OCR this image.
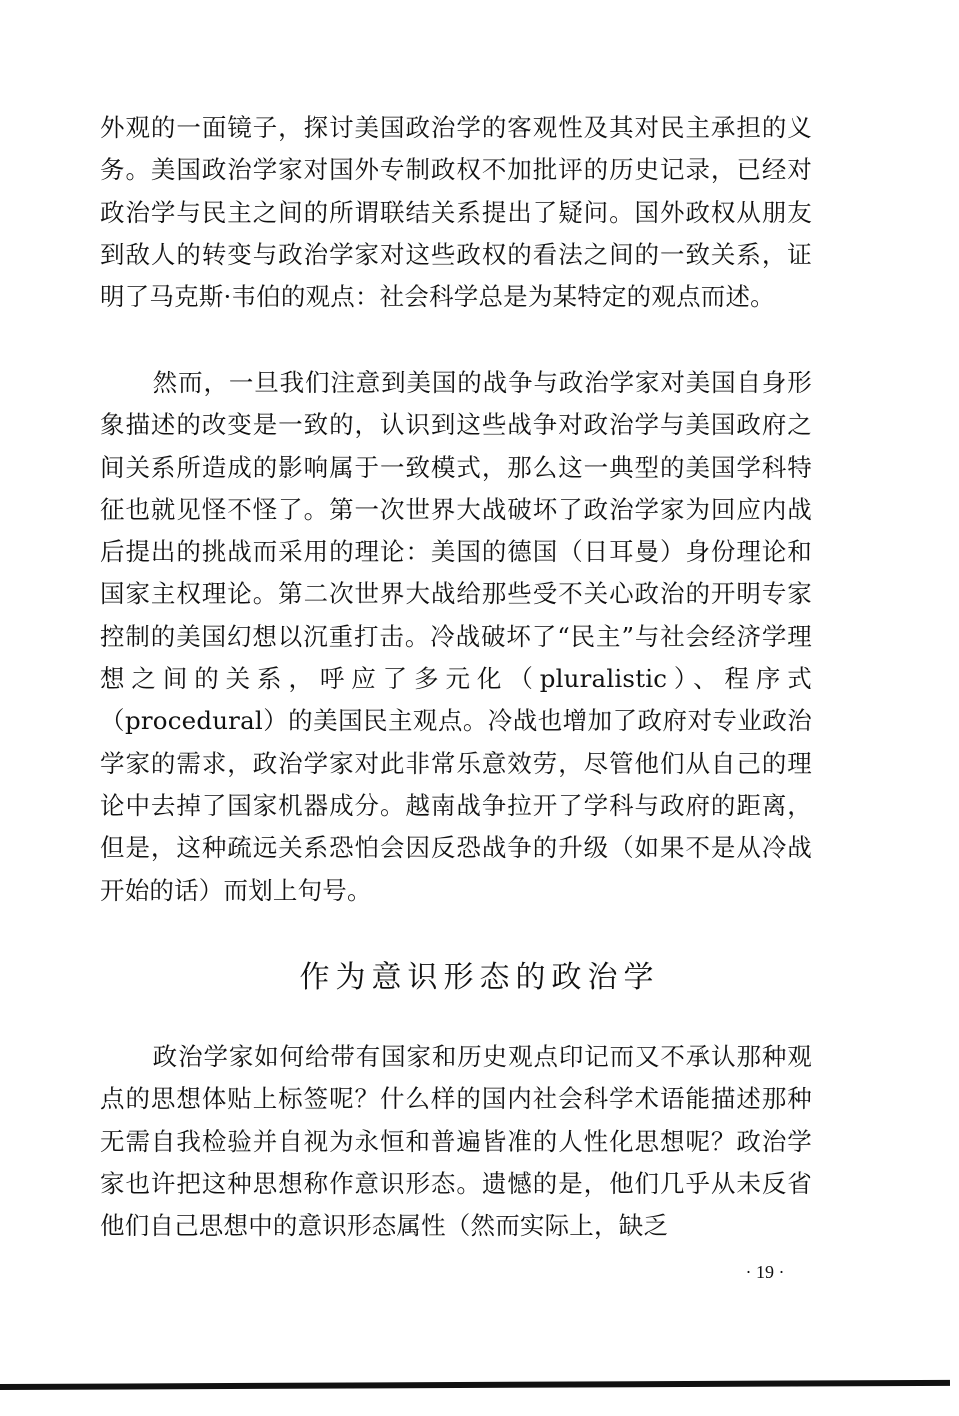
外观的一面镜子，探讨美国政治学的客观性及其对民主承担的义务。美国政治学家对国外专制政权不加批评的历史记录，已经对政治学与民主之间的所谓联结关系提出了疑问。国外政权从朋友到敌人的转变与政治学家对这些政权的看法之间的一致关系，证明了马克斯·韦伯的观点：社会科学总是为某特定的观点而述。

然而，一旦我们注意到美国的战争与政治学家对美国自身形象描述的改变是一致的，认识到这些战争对政治学与美国政府之间关系所造成的影响属于一致模式，那么这一典型的美国学科特征也就见怪不怪了。第一次世界大战破坏了政治学家为回应内战后提出的挑战而采用的理论：美国的德国（日耳曼）身份理论和国家主权理论。第二次世界大战给那些受不关心政治的开明专家控制的美国幻想以沉重打击。冷战破坏了“民主”与社会经济学理想之间的关系，呼应了多元化（pluralistic）、程序式（procedural）的美国民主观点。冷战也增加了政府对专业政治学家的需求，政治学家对此非常乐意效劳，尽管他们从自己的理论中去掉了国家机器成分。越南战争拉开了学科与政府的距离，但是，这种疏远关系恐怕会因反恐战争的升级（如果不是从冷战开始的话）而划上句号。

作为意识形态的政治学

政治学家如何给带有国家和历史观点印记而又不承认那种观点的思想体贴上标签呢？什么样的国内社会科学术语能描述那种无需自我检验并自视为永恒和普遍皆准的人性化思想呢？政治学家也许把这种思想称作意识形态。遗憾的是，他们几乎从未反省他们自己思想中的意识形态属性（然而实际上，缺乏

· 19 ·
